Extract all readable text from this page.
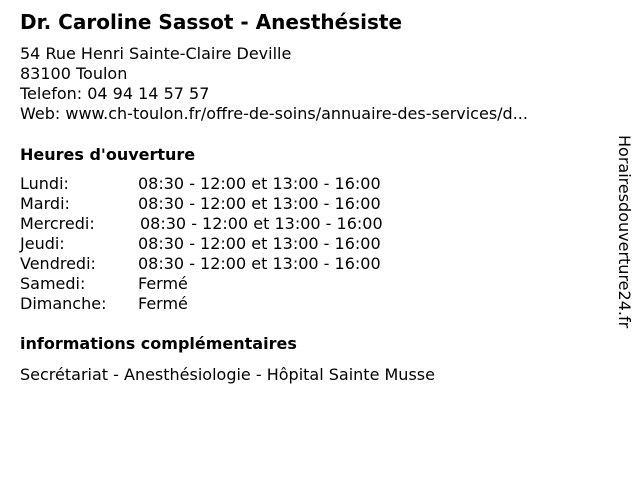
Dr. Caroline Sassot - Anesthésiste
54 Rue Henri Sainte-Claire Deville
83100 Toulon
Telefon: 04 94 14 57 57
Web: www.ch-toulon.fr/offre-de-soins/annuaire-des-services/d...
Heures d'ouverture
Lundi:	08:30 - 12:00 et 13:00 - 16:00
Mardi:	08:30 - 12:00 et 13:00 - 16:00
Mercredi:	08:30 - 12:00 et 13:00 - 16:00
Jeudi:	08:30 - 12:00 et 13:00 - 16:00
Vendredi:	08:30 - 12:00 et 13:00 - 16:00
Samedi:	Fermé
Dimanche: Fermé
informations complémentaires
Secrétariat - Anesthésiologie - Hôpital Sainte Musse
Horairesdouverture24.fr
